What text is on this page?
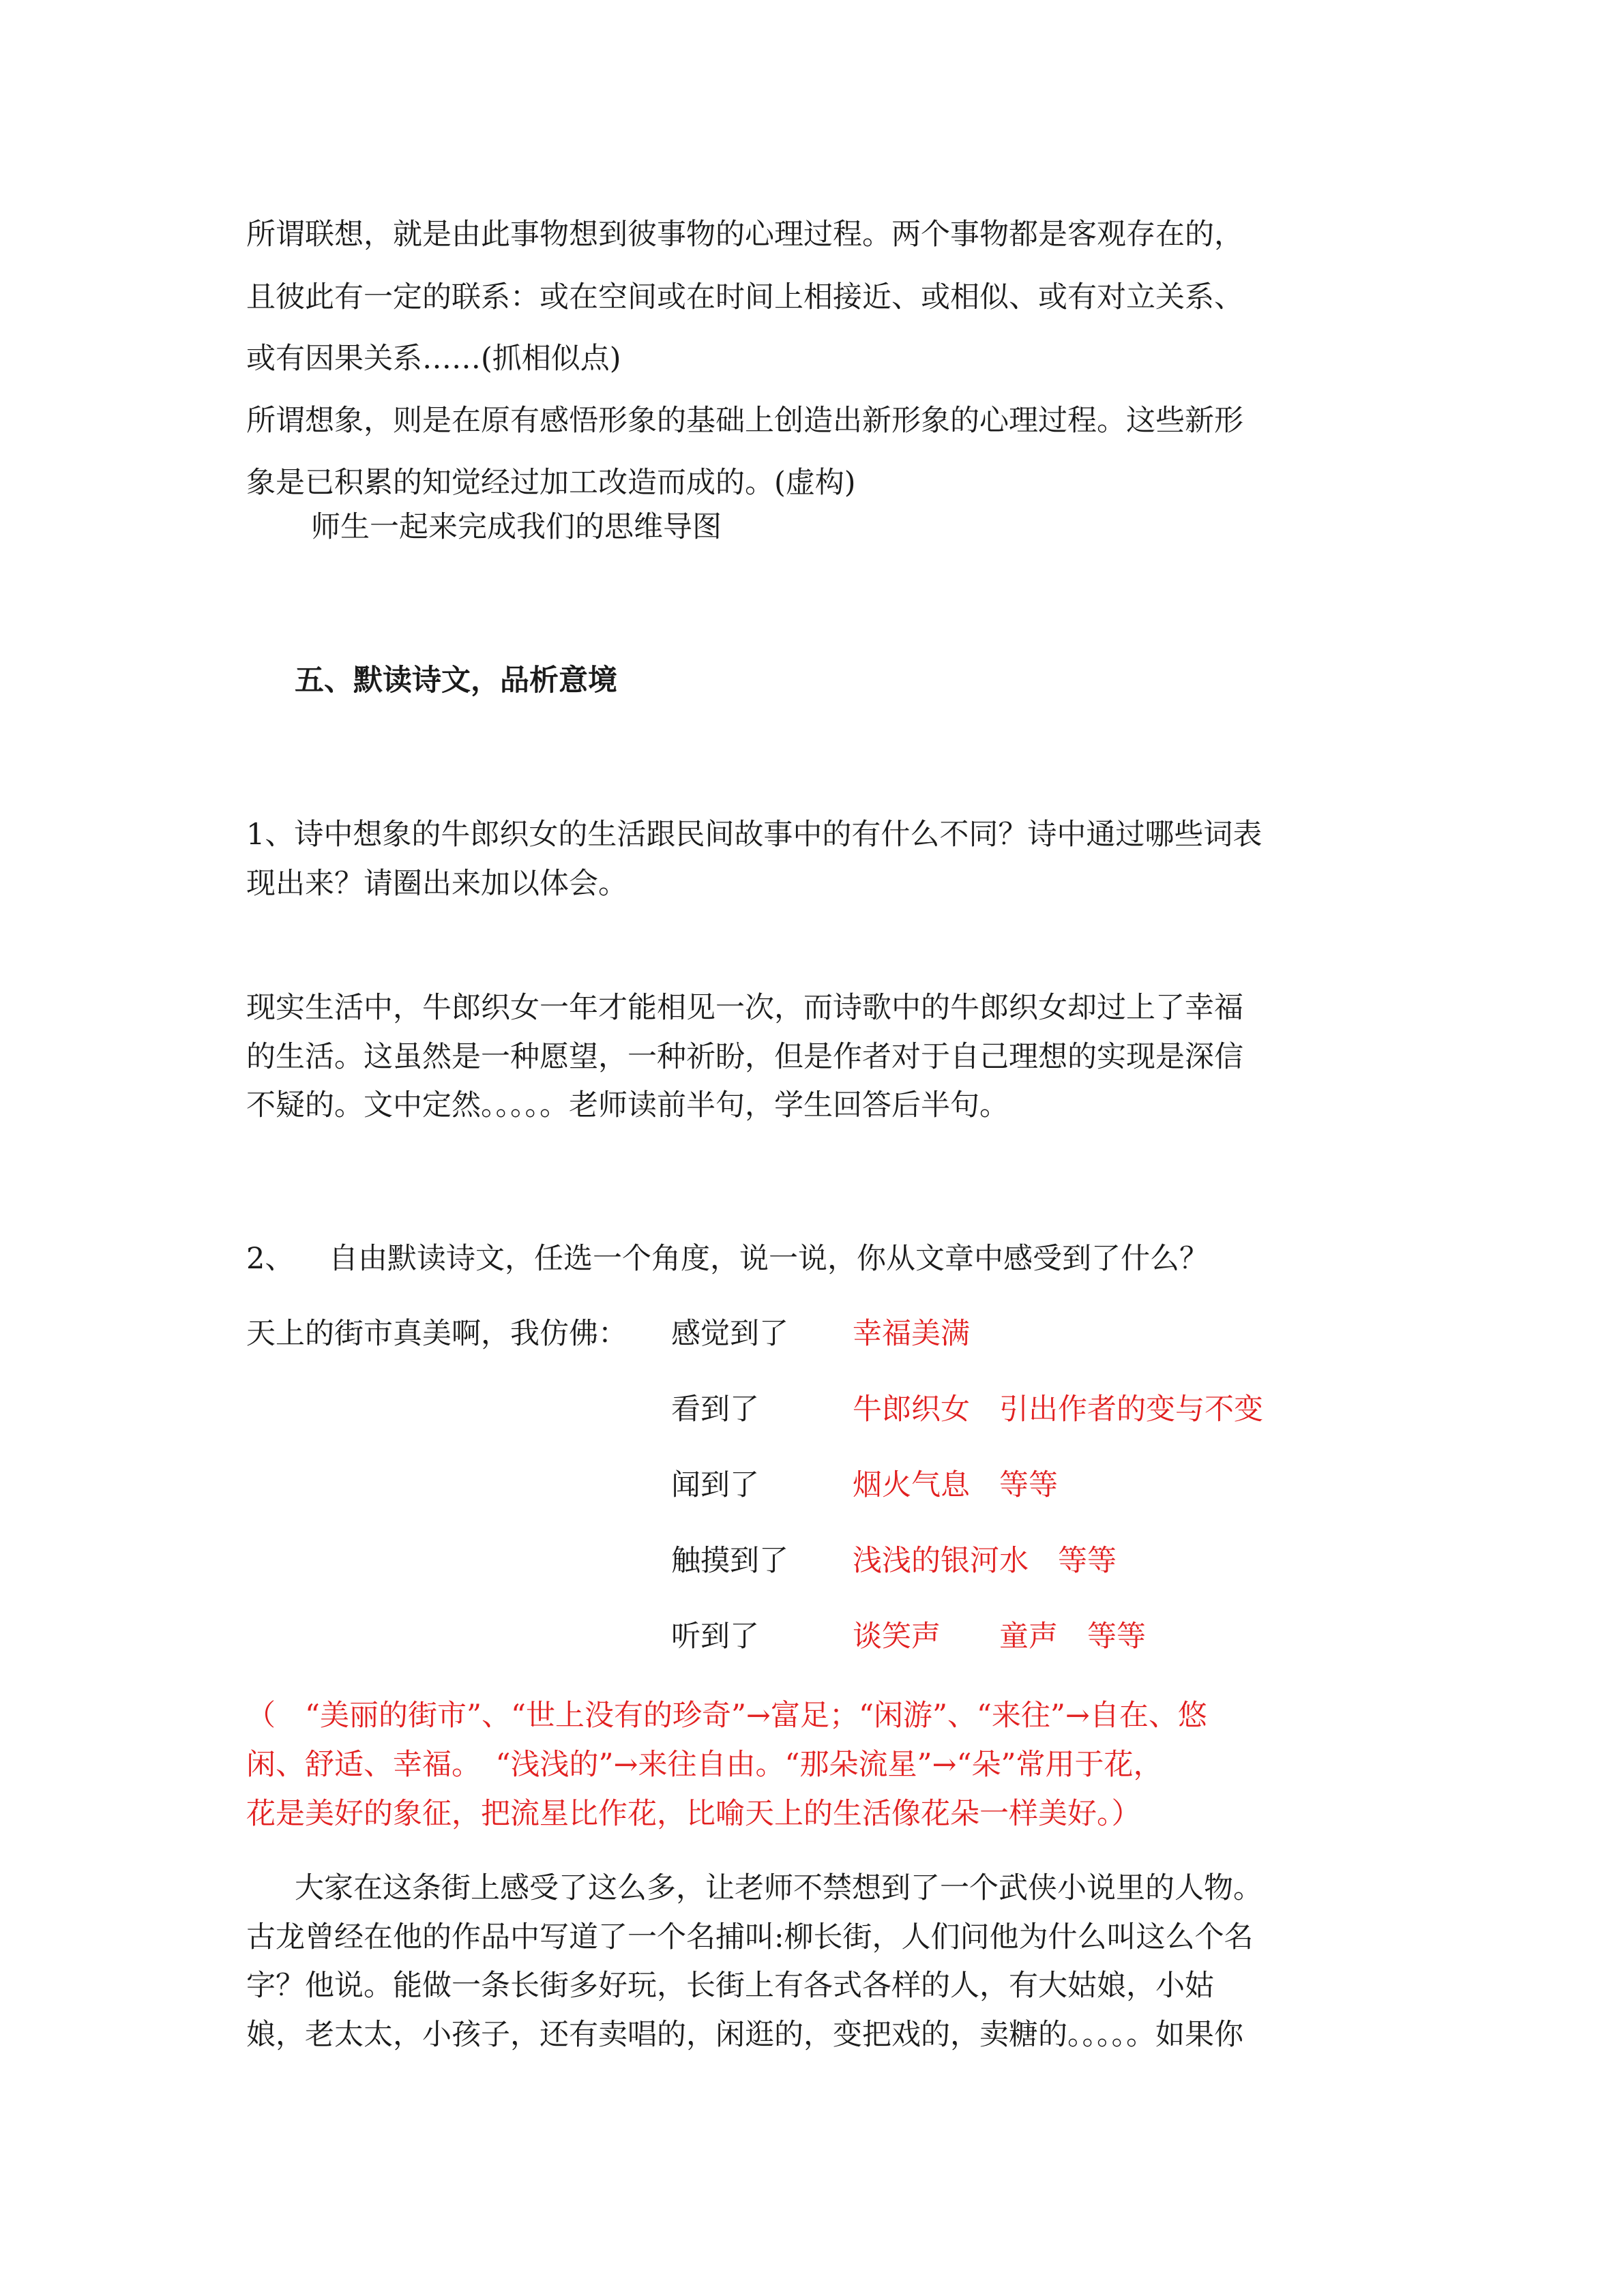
所谓联想，就是由此事物想到彼事物的心理过程。两个事物都是客观存在的，
且彼此有一定的联系：或在空间或在时间上相接近、或相似、或有对立关系、
或有因果关系……(抓相似点)
所谓想象，则是在原有感悟形象的基础上创造出新形象的心理过程。这些新形
象是已积累的知觉经过加工改造而成的。(虚构)
师生一起来完成我们的思维导图
五、默读诗文，品析意境
1、诗中想象的牛郎织女的生活跟民间故事中的有什么不同？诗中通过哪些词表
现出来？请圈出来加以体会。
现实生活中，牛郎织女一年才能相见一次，而诗歌中的牛郎织女却过上了幸福
的生活。这虽然是一种愿望，一种祈盼，但是作者对于自己理想的实现是深信
不疑的。文中定然。。。。。老师读前半句，学生回答后半句。
2、 自由默读诗文，任选一个角度，说一说，你从文章中感受到了什么？
天上的街市真美啊，我仿佛： 感觉到了 幸福美满
看到了	牛郎织女　引出作者的变与不变
闻到了	烟火气息　等等
触摸到了 浅浅的银河水　等等
听到了	谈笑声　　童声　等等
（　“美丽的街市”、“世上没有的珍奇”→富足；“闲游”、“来往”→自在、悠
闲、舒适、幸福。　“浅浅的”→来往自由。“那朵流星”→“朵”常用于花，
花是美好的象征，把流星比作花，比喻天上的生活像花朵一样美好。）
大家在这条街上感受了这么多，让老师不禁想到了一个武侠小说里的人物。
古龙曾经在他的作品中写道了一个名捕叫:柳长街，人们问他为什么叫这么个名
字？他说。能做一条长街多好玩，长街上有各式各样的人，有大姑娘，小姑
娘，老太太，小孩子，还有卖唱的，闲逛的，变把戏的，卖糖的。。。。。如果你
